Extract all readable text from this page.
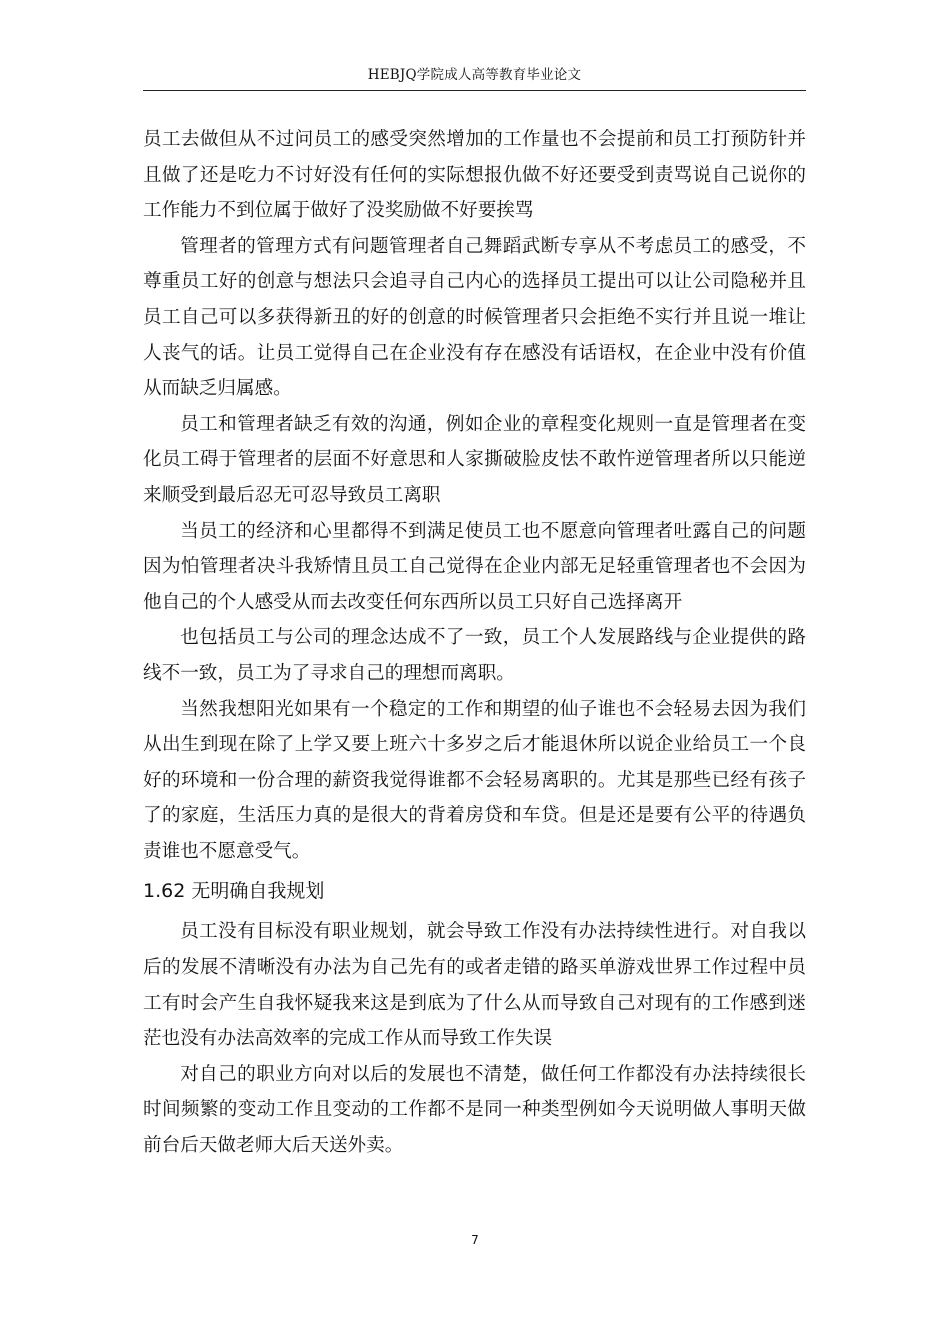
HEBJQ学院成人高等教育毕业论文

员工去做但从不过问员工的感受突然增加的工作量也不会提前和员工打预防针并且做了还是吃力不讨好没有任何的实际想报仇做不好还要受到责骂说自己说你的工作能力不到位属于做好了没奖励做不好要挨骂

管理者的管理方式有问题管理者自己舞蹈武断专享从不考虑员工的感受，不尊重员工好的创意与想法只会追寻自己内心的选择员工提出可以让公司隐秘并且员工自己可以多获得新丑的好的创意的时候管理者只会拒绝不实行并且说一堆让人丧气的话。让员工觉得自己在企业没有存在感没有话语权，在企业中没有价值从而缺乏归属感。

员工和管理者缺乏有效的沟通，例如企业的章程变化规则一直是管理者在变化员工碍于管理者的层面不好意思和人家撕破脸皮怯不敢忤逆管理者所以只能逆来顺受到最后忍无可忍导致员工离职

当员工的经济和心里都得不到满足使员工也不愿意向管理者吐露自己的问题因为怕管理者决斗我矫情且员工自己觉得在企业内部无足轻重管理者也不会因为他自己的个人感受从而去改变任何东西所以员工只好自己选择离开

也包括员工与公司的理念达成不了一致，员工个人发展路线与企业提供的路线不一致，员工为了寻求自己的理想而离职。

当然我想阳光如果有一个稳定的工作和期望的仙子谁也不会轻易去因为我们从出生到现在除了上学又要上班六十多岁之后才能退休所以说企业给员工一个良好的环境和一份合理的薪资我觉得谁都不会轻易离职的。尤其是那些已经有孩子了的家庭，生活压力真的是很大的背着房贷和车贷。但是还是要有公平的待遇负责谁也不愿意受气。

1.62 无明确自我规划

员工没有目标没有职业规划，就会导致工作没有办法持续性进行。对自我以后的发展不清晰没有办法为自己先有的或者走错的路买单游戏世界工作过程中员工有时会产生自我怀疑我来这是到底为了什么从而导致自己对现有的工作感到迷茫也没有办法高效率的完成工作从而导致工作失误

对自己的职业方向对以后的发展也不清楚，做任何工作都没有办法持续很长时间频繁的变动工作且变动的工作都不是同一种类型例如今天说明做人事明天做前台后天做老师大后天送外卖。

7
